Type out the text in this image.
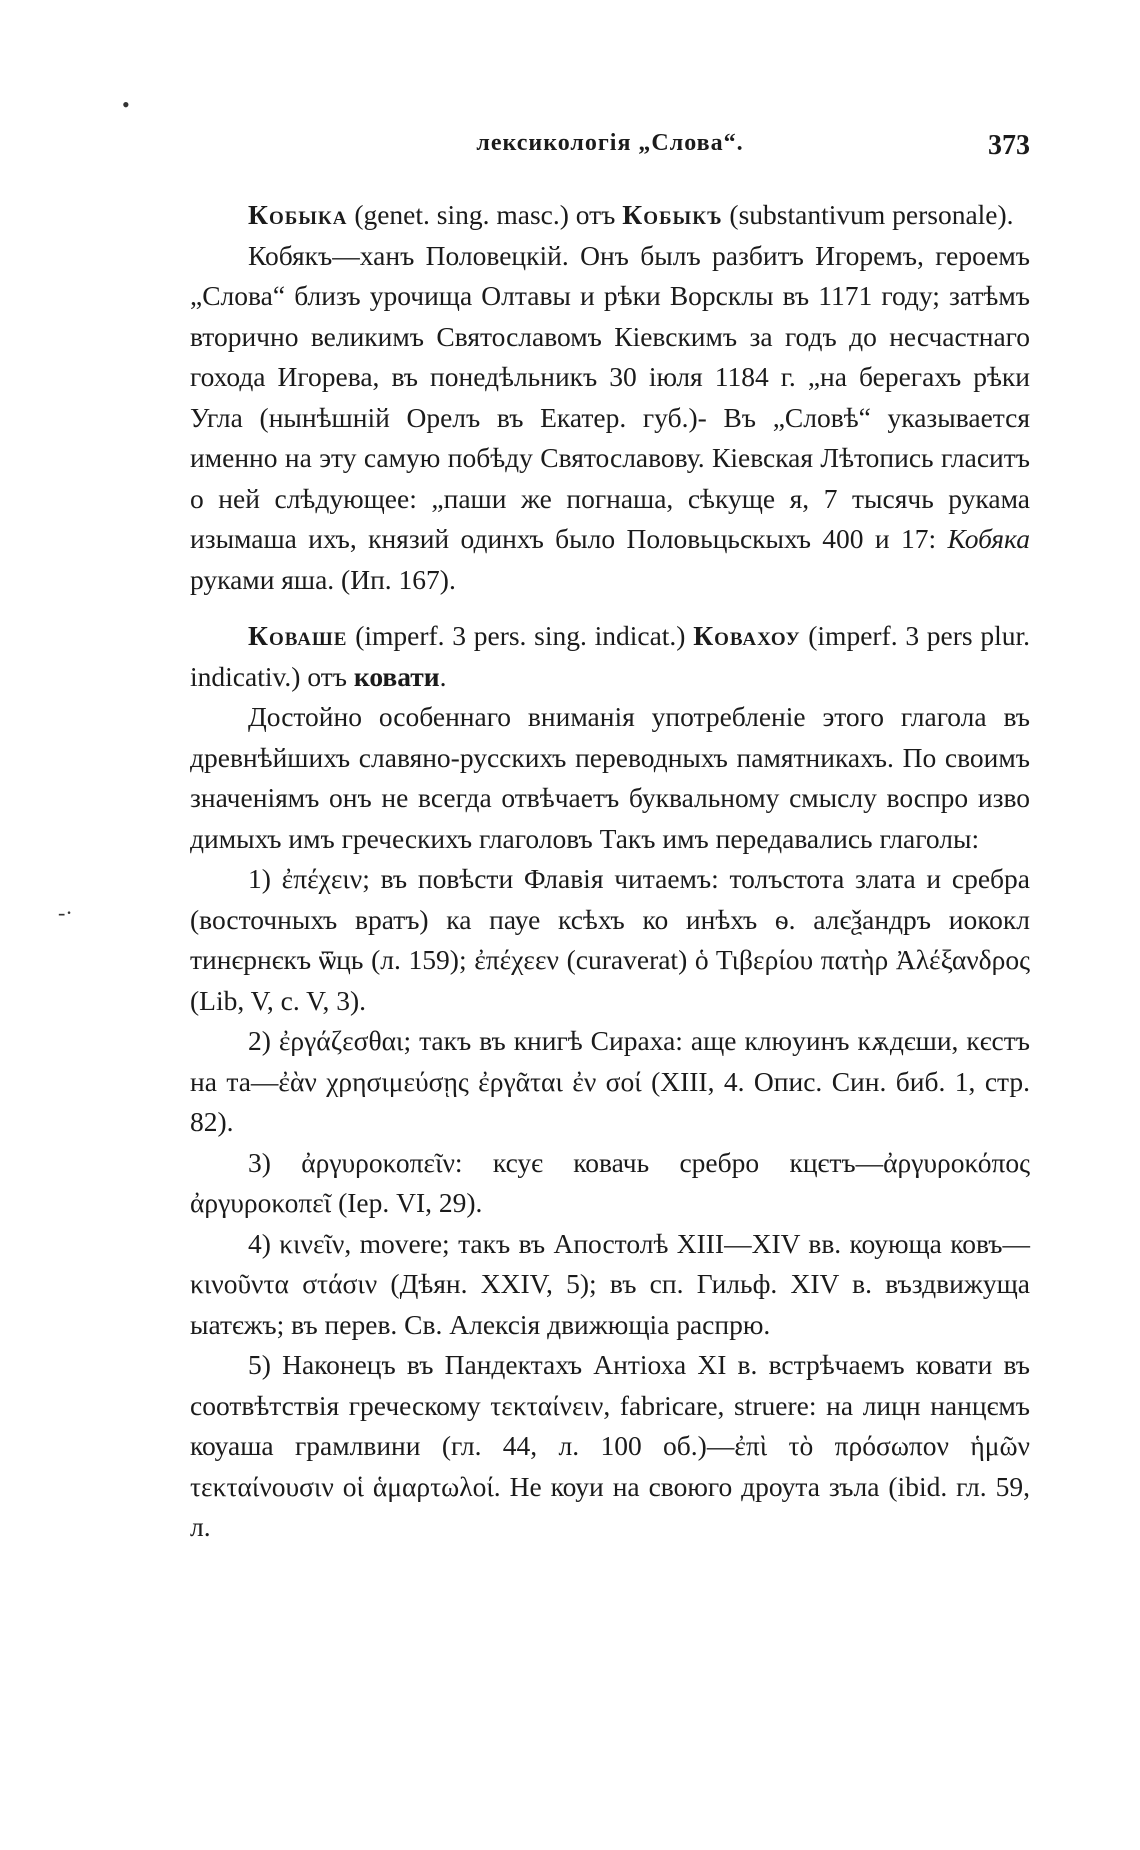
•
-·
лексикологія „Слова“.	373

Кобыка (genet. sing. masc.) отъ Кобыкъ (substantivum personale).

Кобякъ—ханъ Половецкій. Онъ былъ разбитъ Игоремъ, героемъ „Слова“ близъ урочища Олтавы и рѣки Ворсклы въ 1171 году; затѣмъ вторично великимъ Святославомъ Кіевскимъ за годъ до несчастнаго гохода Игорева, въ понедѣльникъ 30 іюля 1184 г. „на берегахъ рѣки Угла (нынѣшній Орелъ въ Екатер. губ.)- Въ „Словѣ“ указывается именно на эту самую побѣду Святославову. Кіевская Лѣтопись гласитъ о ней слѣдующее: „паши же погнаша, сѣкуще я, 7 тысячь рукама изымаша ихъ, князий одинхъ было Половьцьскыхъ 400 и 17: Кобяка руками яша. (Ип. 167).

Коваше (imperf. 3 pers. sing. indicat.) Ковахоу (imperf. 3 pers plur. indicativ.) отъ ковати.

Достойно особеннаго вниманія употребленіе этого глагола въ древнѣйшихъ славяно-русскихъ переводныхъ памятникахъ. По своимъ значеніямъ онъ не всегда отвѣчаетъ буквальному смыслу воспро изво димыхъ имъ греческихъ глаголовъ Такъ имъ передавались глаголы:

1) ἐπέχειν; въ повѣсти Флавія читаемъ: толъстота злата и сребра (восточныхъ вратъ) ка пауе ксѣхъ ко инѣхъ ѳ. алєѯандръ иококл тинєрнєкъ ѿць (л. 159); ἐπέχεεν (curaverat) ὁ Τιβερίου πατὴρ Ἀλέξανδρος (Lib, V, c. V, 3).

2) ἐργάζεσθαι; такъ въ книгѣ Сираха: аще клюуинъ кѫдєши, кєстъ на та—ἐὰν χρησιμεύσῃς ἐργᾶται ἐν σοί (XIII, 4. Опис. Син. биб. 1, стр. 82).

3) ἀργυροκοπεῖν: ксує ковачь сребро кцєтъ—ἀργυροκόπος ἀργυροκοπεῖ (Іер. VI, 29).

4) κινεῖν, movere; такъ въ Апостолѣ XIII—XIV вв. коующа ковъ—κινοῦντα στάσιν (Дѣян. XXIV, 5); въ сп. Гильф. XIV в. въздвижуща ыатєжъ; въ перев. Св. Алексія движющіа распрю.

5) Наконецъ въ Пандектахъ Антіоха XI в. встрѣчаемъ ковати въ соотвѣтствія греческому τεκταίνειν, fabricare, struere: на лицн нанцємъ коуаша грамлвини (гл. 44, л. 100 об.)—ἐπὶ τὸ πρόσωπον ἡμῶν τεκταίνουσιν οἱ ἁμαρτωλοί. Не коуи на своюго дроута зъла (ibid. гл. 59, л.
